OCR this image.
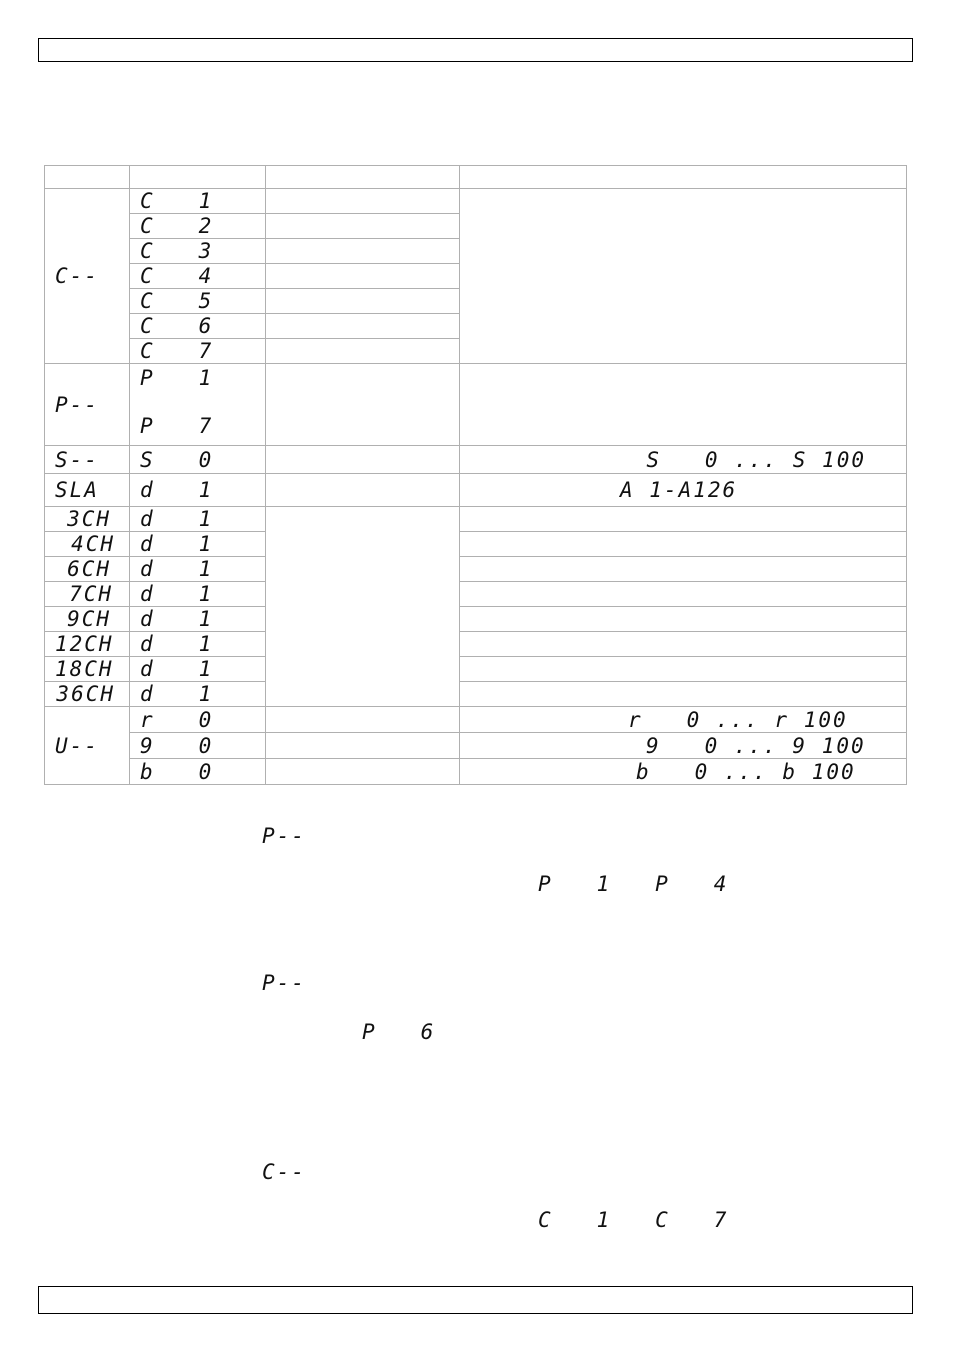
C--	C   1		
	C   2		
	C   3		
	C   4		
	C   5		
	C   6		
	C   7		
P--	P   1
P   7		

S--	S   0		S   0 ... S 100
SLA	d   1		A 1-A126
3CH	d   1		
4CH	d   1		
6CH	d   1		
7CH	d   1		
9CH	d   1		
12CH	d   1		
18CH	d   1		
36CH	d   1		
U--	r   0		r   0 ... r 100
	9   0		9   0 ... 9 100
	b   0		b   0 ... b 100
P--
P   1   P   4
P--
P   6
C--
C   1   C   7
